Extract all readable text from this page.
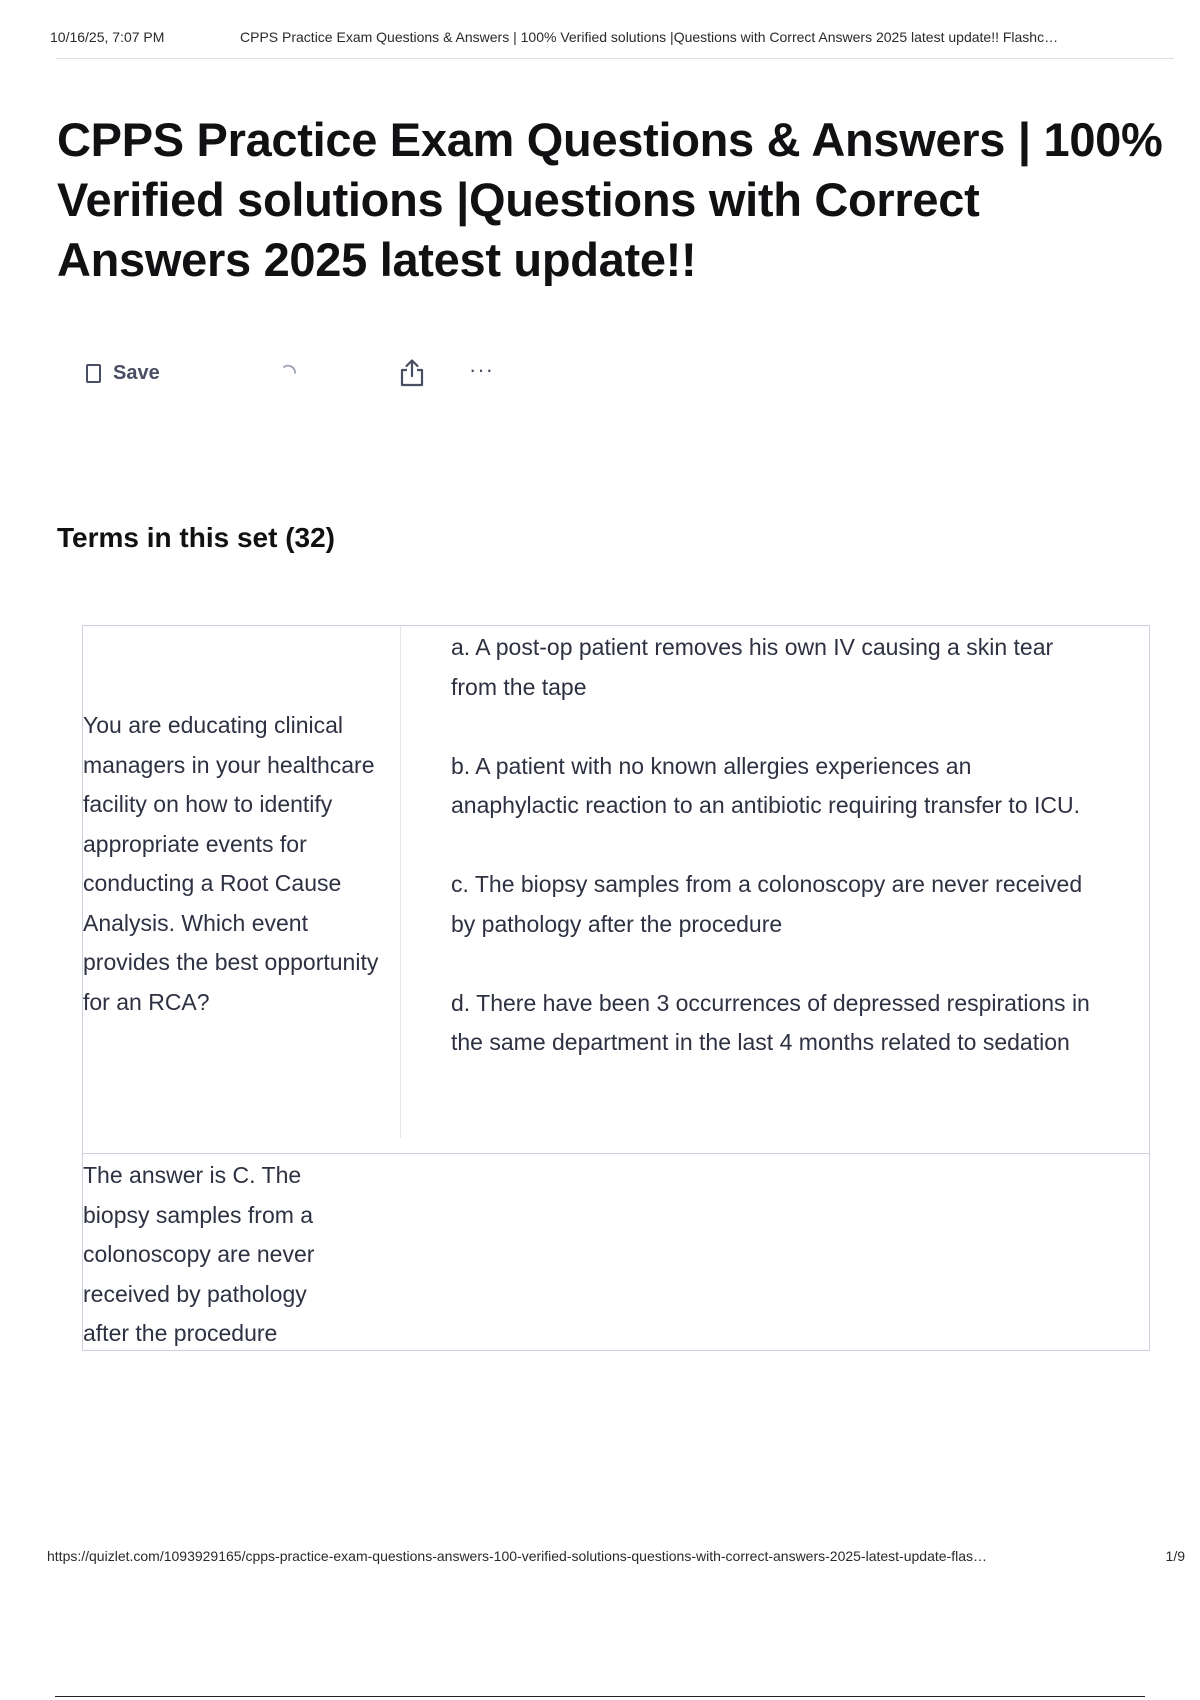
10/16/25, 7:07 PM	CPPS Practice Exam Questions & Answers | 100% Verified solutions |Questions with Correct Answers 2025 latest update!! Flashc…
CPPS Practice Exam Questions & Answers | 100% Verified solutions |Questions with Correct Answers 2025 latest update!!
Save	···
Terms in this set (32)
You are educating clinical managers in your healthcare facility on how to identify appropriate events for conducting a Root Cause Analysis. Which event provides the best opportunity for an RCA?

a. A post-op patient removes his own IV causing a skin tear from the tape

b. A patient with no known allergies experiences an anaphylactic reaction to an antibiotic requiring transfer to ICU.

c. The biopsy samples from a colonoscopy are never received by pathology after the procedure

d. There have been 3 occurrences of depressed respirations in the same department in the last 4 months related to sedation

The answer is C. The biopsy samples from a colonoscopy are never received by pathology after the procedure
https://quizlet.com/1093929165/cpps-practice-exam-questions-answers-100-verified-solutions-questions-with-correct-answers-2025-latest-update-flas…	1/9
